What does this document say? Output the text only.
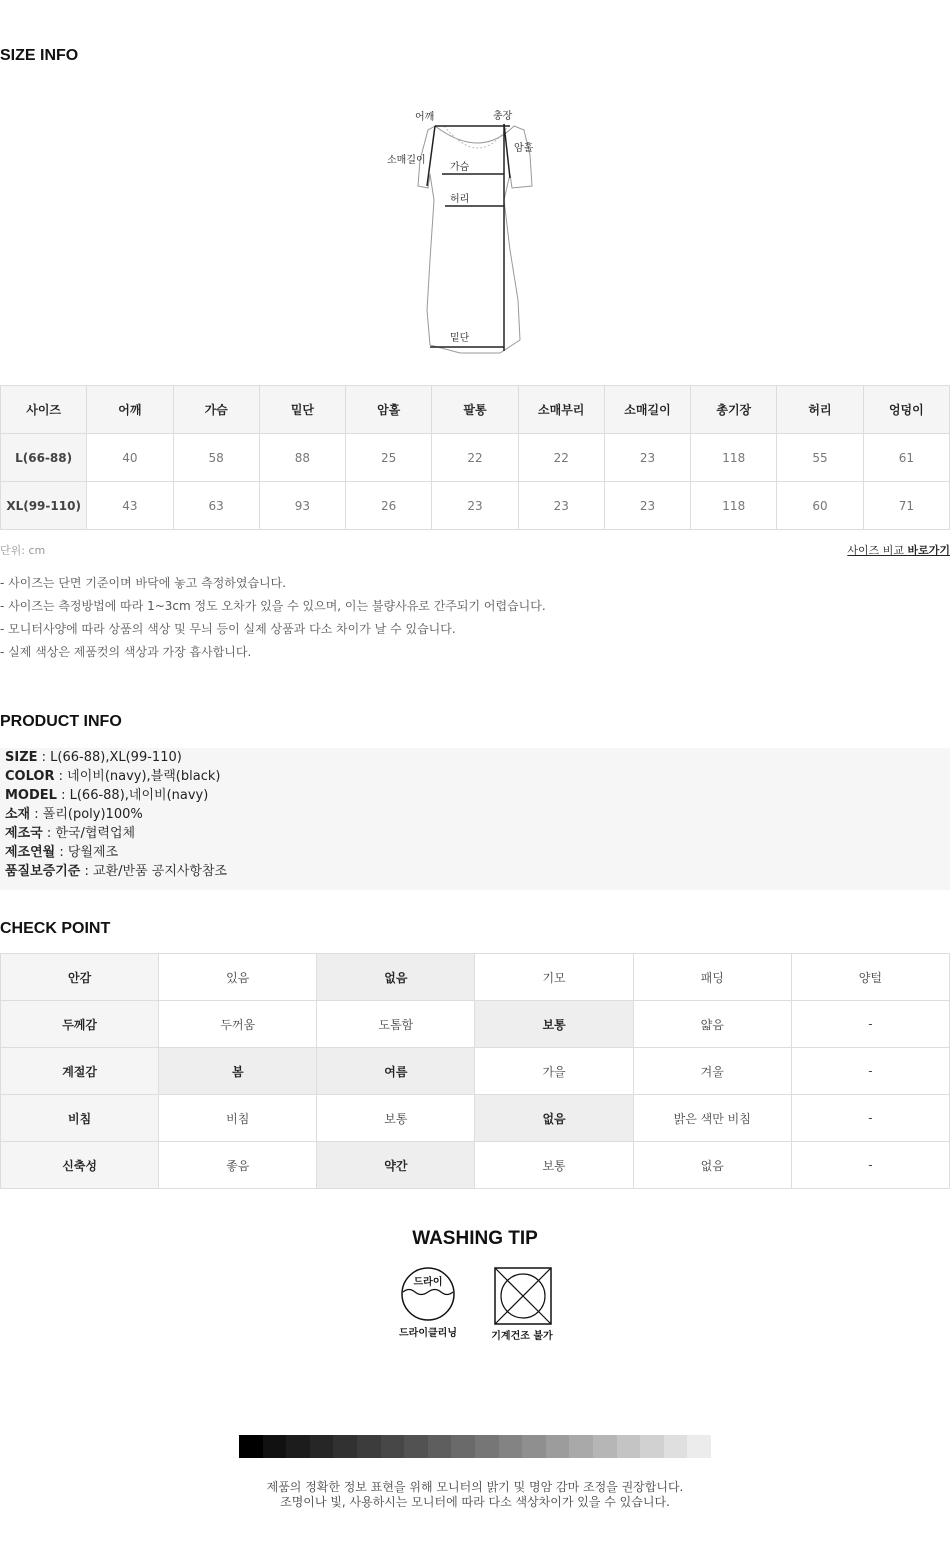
SIZE INFO
어깨	총장
암홀
소매길이
가슴
허리
밑단
사이즈	어깨	가슴	밑단	암홀	팔통	소매부리	소매길이	총기장	허리	엉덩이
L(66-88)	40	58	88	25	22	22	23	118	55	61
XL(99-110)	43	63	93	26	23	23	23	118	60	71
단위: cm	사이즈 비교 바로가기
- 사이즈는 단면 기준이며 바닥에 놓고 측정하였습니다.
- 사이즈는 측정방법에 따라 1~3cm 정도 오차가 있을 수 있으며, 이는 불량사유로 간주되기 어렵습니다.
- 모니터사양에 따라 상품의 색상 및 무늬 등이 실제 상품과 다소 차이가 날 수 있습니다.
- 실제 색상은 제품컷의 색상과 가장 흡사합니다.
PRODUCT INFO
SIZE : L(66-88),XL(99-110)
COLOR : 네이비(navy),블랙(black)
MODEL : L(66-88),네이비(navy)
소재 : 폴리(poly)100%
제조국 : 한국/협력업체
제조연월 : 당월제조
품질보증기준 : 교환/반품 공지사항참조
CHECK POINT
안감	있음	없음	기모	패딩	양털
두께감	두꺼움	도톰함	보통	얇음	-
계절감	봄	여름	가을	겨울	-
비침	비침	보통	없음	밝은 색만 비침	-
신축성	좋음	약간	보통	없음	-
WASHING TIP
드라이
드라이클리닝	기계건조 불가
제품의 정확한 정보 표현을 위해 모니터의 밝기 및 명암 감마 조정을 권장합니다.
조명이나 빛, 사용하시는 모니터에 따라 다소 색상차이가 있을 수 있습니다.
